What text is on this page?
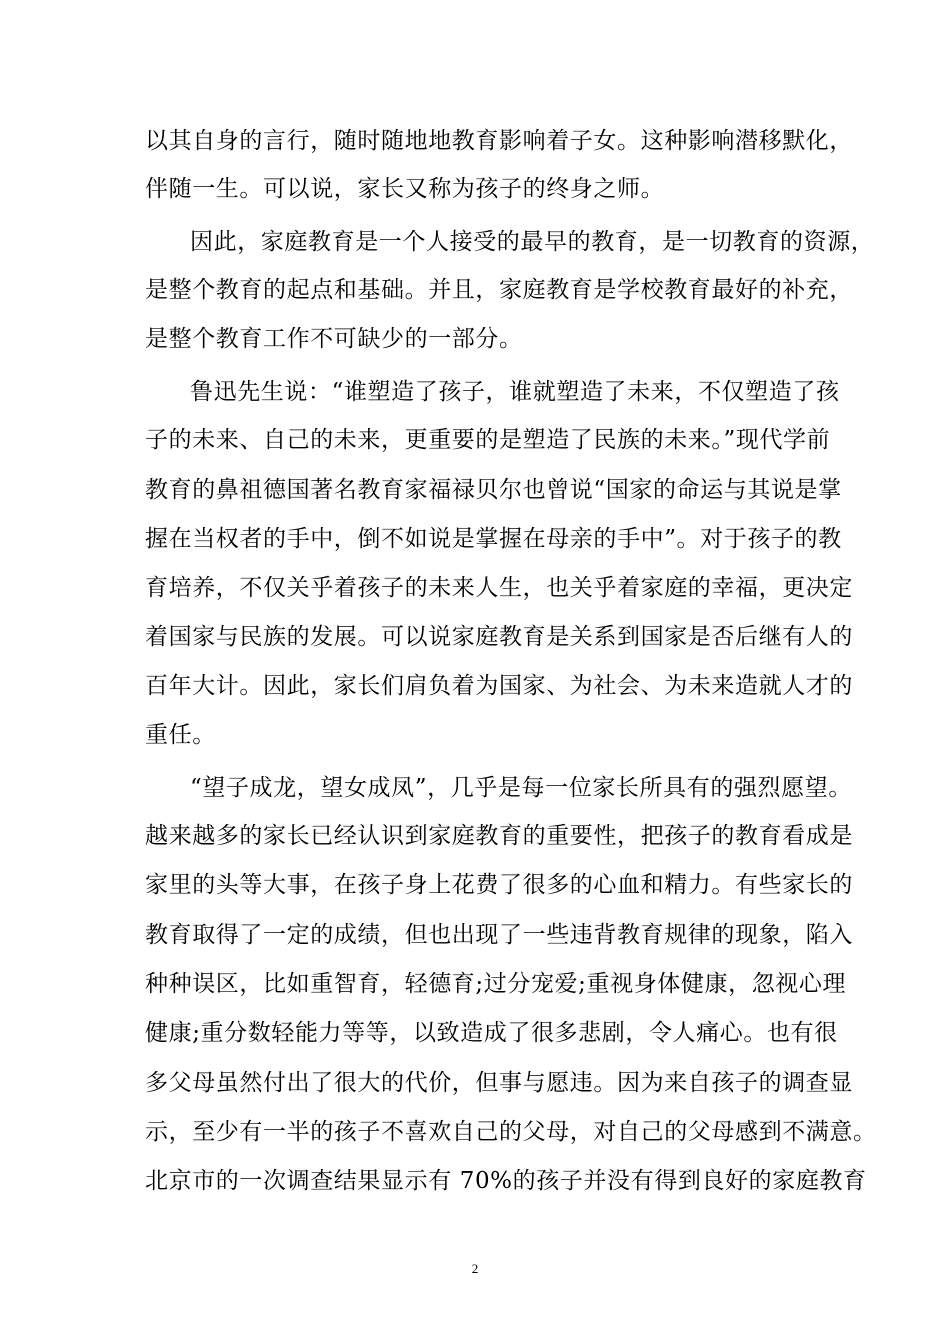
以其自身的言行，随时随地地教育影响着子女。这种影响潜移默化，
伴随一生。可以说，家长又称为孩子的终身之师。
因此，家庭教育是一个人接受的最早的教育，是一切教育的资源，
是整个教育的起点和基础。并且，家庭教育是学校教育最好的补充，
是整个教育工作不可缺少的一部分。
鲁迅先生说：“谁塑造了孩子，谁就塑造了未来，不仅塑造了孩
子的未来、自己的未来，更重要的是塑造了民族的未来。”现代学前
教育的鼻祖德国著名教育家福禄贝尔也曾说“国家的命运与其说是掌
握在当权者的手中，倒不如说是掌握在母亲的手中”。对于孩子的教
育培养，不仅关乎着孩子的未来人生，也关乎着家庭的幸福，更决定
着国家与民族的发展。可以说家庭教育是关系到国家是否后继有人的
百年大计。因此，家长们肩负着为国家、为社会、为未来造就人才的
重任。
“望子成龙，望女成凤”，几乎是每一位家长所具有的强烈愿望。
越来越多的家长已经认识到家庭教育的重要性，把孩子的教育看成是
家里的头等大事，在孩子身上花费了很多的心血和精力。有些家长的
教育取得了一定的成绩，但也出现了一些违背教育规律的现象，陷入
种种误区，比如重智育，轻德育;过分宠爱;重视身体健康，忽视心理
健康;重分数轻能力等等，以致造成了很多悲剧，令人痛心。也有很
多父母虽然付出了很大的代价，但事与愿违。因为来自孩子的调查显
示，至少有一半的孩子不喜欢自己的父母，对自己的父母感到不满意。
北京市的一次调查结果显示有 70%的孩子并没有得到良好的家庭教育
2
